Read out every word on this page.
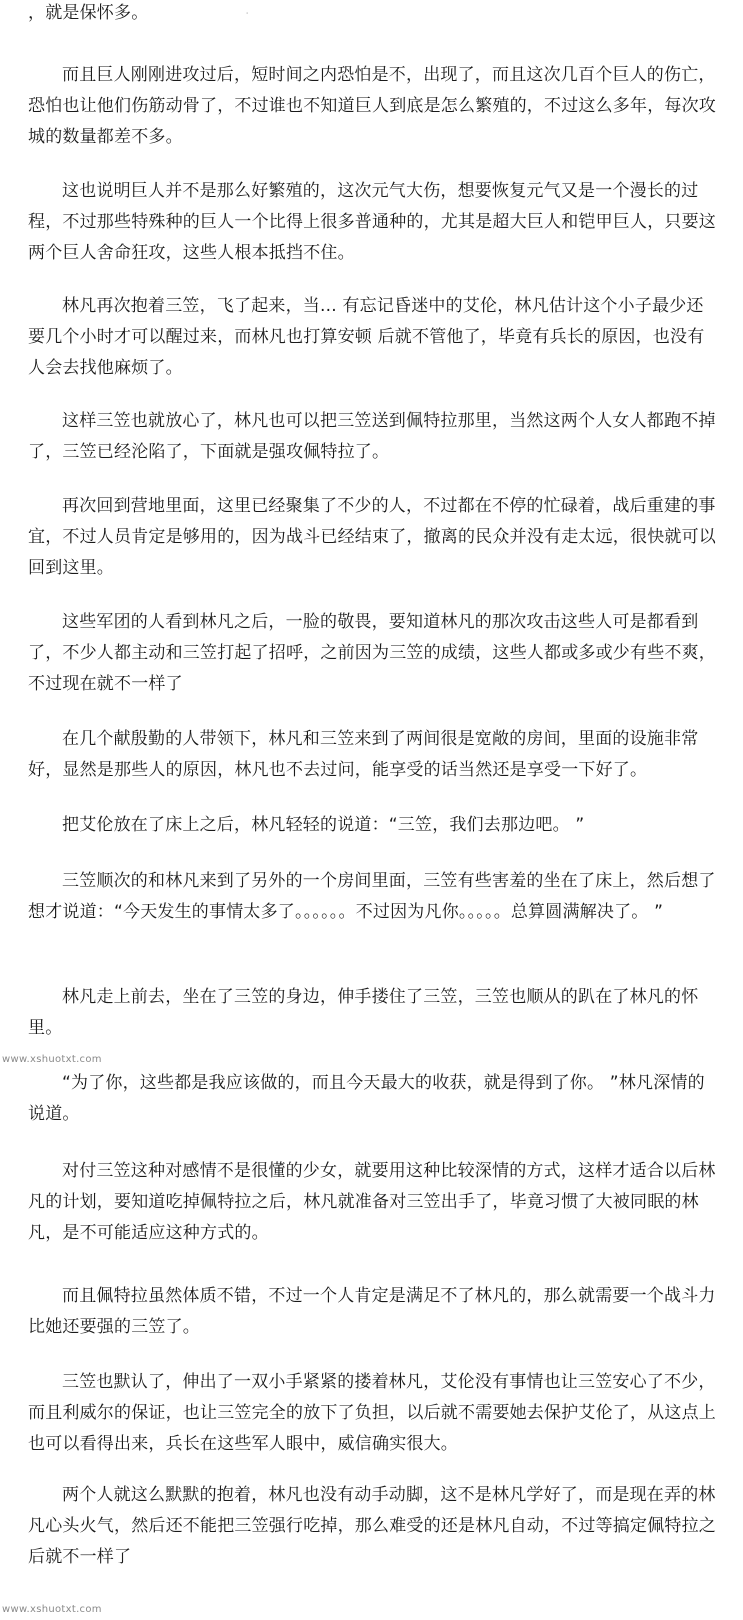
，就是保怀多。	·

而且巨人刚刚进攻过后，短时间之内恐怕是不，出现了，而且这次几百个巨人的伤亡，恐怕也让他们伤筋动骨了，不过谁也不知道巨人到底是怎么繁殖的，不过这么多年，每次攻城的数量都差不多。

这也说明巨人并不是那么好繁殖的，这次元气大伤，想要恢复元气又是一个漫长的过程，不过那些特殊种的巨人一个比得上很多普通种的，尤其是超大巨人和铠甲巨人，只要这两个巨人舍命狂攻，这些人根本抵挡不住。

林凡再次抱着三笠，飞了起来，当... 有忘记昏迷中的艾伦，林凡估计这个小子最少还要几个小时才可以醒过来，而林凡也打算安顿 后就不管他了，毕竟有兵长的原因，也没有人会去找他麻烦了。

这样三笠也就放心了，林凡也可以把三笠送到佩特拉那里，当然这两个人女人都跑不掉了，三笠已经沦陷了，下面就是强攻佩特拉了。

再次回到营地里面，这里已经聚集了不少的人，不过都在不停的忙碌着，战后重建的事宜，不过人员肯定是够用的，因为战斗已经结束了，撤离的民众并没有走太远，很快就可以回到这里。

这些军团的人看到林凡之后，一脸的敬畏，要知道林凡的那次攻击这些人可是都看到了，不少人都主动和三笠打起了招呼，之前因为三笠的成绩，这些人都或多或少有些不爽，不过现在就不一样了

在几个献殷勤的人带领下，林凡和三笠来到了两间很是宽敞的房间，里面的设施非常好，显然是那些人的原因，林凡也不去过问，能享受的话当然还是享受一下好了。

把艾伦放在了床上之后，林凡轻轻的说道：“三笠，我们去那边吧。 ”

三笠顺次的和林凡来到了另外的一个房间里面，三笠有些害羞的坐在了床上，然后想了想才说道：“今天发生的事情太多了。。。。。。不过因为凡你。。。。。总算圆满解决了。 ”

林凡走上前去，坐在了三笠的身边，伸手搂住了三笠，三笠也顺从的趴在了林凡的怀里。

“为了你，这些都是我应该做的，而且今天最大的收获，就是得到了你。 ”林凡深情的说道。

对付三笠这种对感情不是很懂的少女，就要用这种比较深情的方式，这样才适合以后林凡的计划，要知道吃掉佩特拉之后，林凡就准备对三笠出手了，毕竟习惯了大被同眠的林凡，是不可能适应这种方式的。

而且佩特拉虽然体质不错，不过一个人肯定是满足不了林凡的，那么就需要一个战斗力比她还要强的三笠了。

三笠也默认了，伸出了一双小手紧紧的搂着林凡，艾伦没有事情也让三笠安心了不少，而且利威尔的保证，也让三笠完全的放下了负担，以后就不需要她去保护艾伦了，从这点上也可以看得出来，兵长在这些军人眼中，威信确实很大。

两个人就这么默默的抱着，林凡也没有动手动脚，这不是林凡学好了，而是现在弄的林凡心头火气，然后还不能把三笠强行吃掉，那么难受的还是林凡自动，不过等搞定佩特拉之后就不一样了

www.xshuotxt.com
www.xshuotxt.com
